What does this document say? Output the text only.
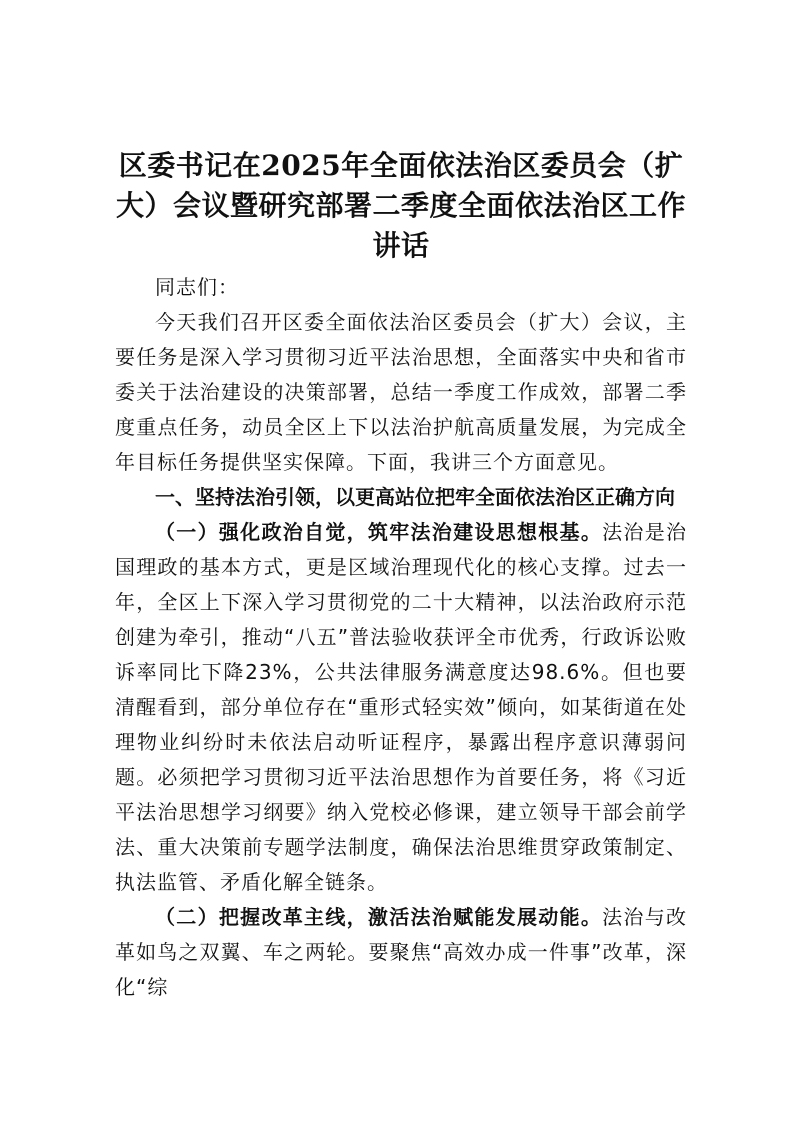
区委书记在2025年全面依法治区委员会（扩大）会议暨研究部署二季度全面依法治区工作讲话

同志们：

今天我们召开区委全面依法治区委员会（扩大）会议，主要任务是深入学习贯彻习近平法治思想，全面落实中央和省市委关于法治建设的决策部署，总结一季度工作成效，部署二季度重点任务，动员全区上下以法治护航高质量发展，为完成全年目标任务提供坚实保障。下面，我讲三个方面意见。

一、坚持法治引领，以更高站位把牢全面依法治区正确方向

（一）强化政治自觉，筑牢法治建设思想根基。法治是治国理政的基本方式，更是区域治理现代化的核心支撑。过去一年，全区上下深入学习贯彻党的二十大精神，以法治政府示范创建为牵引，推动“八五”普法验收获评全市优秀，行政诉讼败诉率同比下降23%，公共法律服务满意度达98.6%。但也要清醒看到，部分单位存在“重形式轻实效”倾向，如某街道在处理物业纠纷时未依法启动听证程序，暴露出程序意识薄弱问题。必须把学习贯彻习近平法治思想作为首要任务，将《习近平法治思想学习纲要》纳入党校必修课，建立领导干部会前学法、重大决策前专题学法制度，确保法治思维贯穿政策制定、执法监管、矛盾化解全链条。

（二）把握改革主线，激活法治赋能发展动能。法治与改革如鸟之双翼、车之两轮。要聚焦“高效办成一件事”改革，深化“综
